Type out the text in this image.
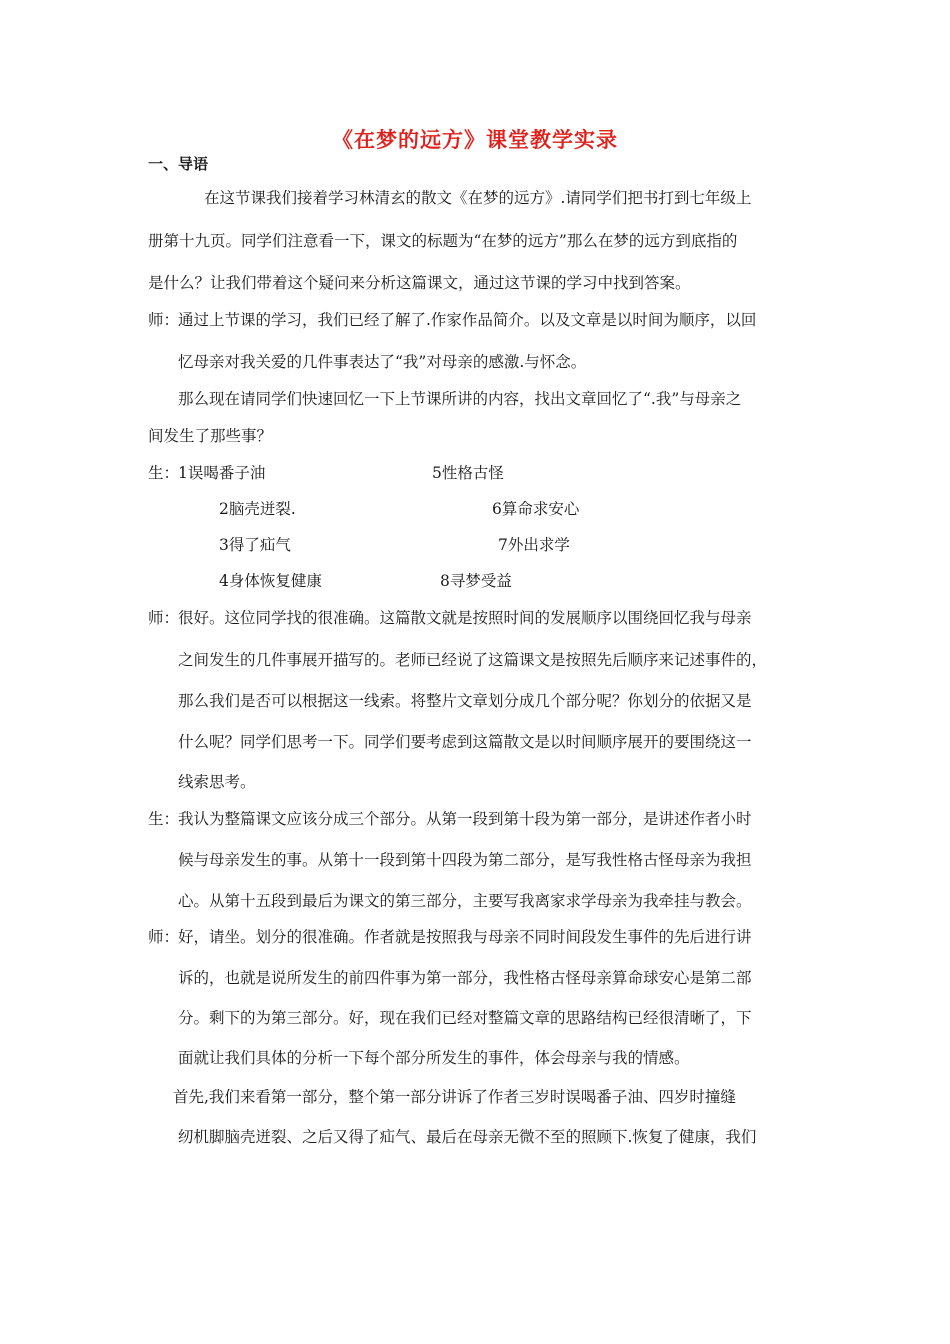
《在梦的远方》课堂教学实录
一、导语
在这节课我们接着学习林清玄的散文《在梦的远方》.请同学们把书打到七年级上
册第十九页。同学们注意看一下，课文的标题为“在梦的远方”那么在梦的远方到底指的
是什么？让我们带着这个疑问来分析这篇课文，通过这节课的学习中找到答案。
师：
通过上节课的学习，我们已经了解了.作家作品简介。以及文章是以时间为顺序，以回
忆母亲对我关爱的几件事表达了“我”对母亲的感激.与怀念。
那么现在请同学们快速回忆一下上节课所讲的内容，找出文章回忆了“.我”与母亲之
间发生了那些事？
生：
1误喝番子油	5性格古怪
2脑壳迸裂.	6算命求安心
3得了疝气	7外出求学
4身体恢复健康	8寻梦受益
师：
很好。这位同学找的很准确。这篇散文就是按照时间的发展顺序以围绕回忆我与母亲
之间发生的几件事展开描写的。老师已经说了这篇课文是按照先后顺序来记述事件的，
那么我们是否可以根据这一线索。将整片文章划分成几个部分呢？你划分的依据又是
什么呢？同学们思考一下。同学们要考虑到这篇散文是以时间顺序展开的要围绕这一
线索思考。
生：
我认为整篇课文应该分成三个部分。从第一段到第十段为第一部分，是讲述作者小时
候与母亲发生的事。从第十一段到第十四段为第二部分，是写我性格古怪母亲为我担
心。从第十五段到最后为课文的第三部分，主要写我离家求学母亲为我牵挂与教会。
师：
好，请坐。划分的很准确。作者就是按照我与母亲不同时间段发生事件的先后进行讲
诉的，也就是说所发生的前四件事为第一部分，我性格古怪母亲算命球安心是第二部
分。剩下的为第三部分。好，现在我们已经对整篇文章的思路结构已经很清晰了，下
面就让我们具体的分析一下每个部分所发生的事件，体会母亲与我的情感。
首先,我们来看第一部分，整个第一部分讲诉了作者三岁时误喝番子油、四岁时撞缝
纫机脚脑壳迸裂、之后又得了疝气、最后在母亲无微不至的照顾下.恢复了健康，我们
